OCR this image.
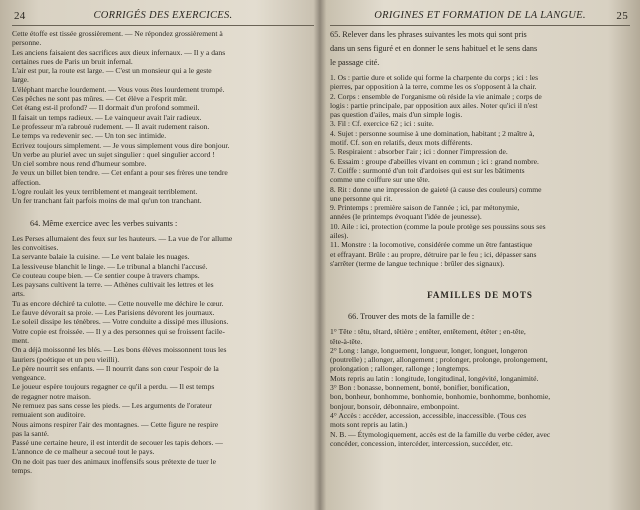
24	CORRIGÉS DES EXERCICES.
Cette étoffe est tissée grossièrement. — Ne répondez grossièrement à
personne.
Les anciens faisaient des sacrifices aux dieux infernaux. — Il y a dans
certaines rues de Paris un bruit infernal.
L'air est pur, la route est large. — C'est un monsieur qui a le geste
large.
L'éléphant marche lourdement. — Vous vous êtes lourdement trompé.
Ces pêches ne sont pas mûres. — Cet élève a l'esprit mûr.
Cet étang est-il profond? — Il dormait d'un profond sommeil.
Il faisait un temps radieux. — Le vainqueur avait l'air radieux.
Le professeur m'a rabroué rudement. — Il avait rudement raison.
Le temps va redevenir sec. — Un ton sec intimide.
Ecrivez toujours simplement. — Je vous simplement vous dire bonjour.
Un verbe au pluriel avec un sujet singulier : quel singulier accord !
Un ciel sombre nous rend d'humeur sombre.
Je veux un billet bien tendre. — Cet enfant a pour ses frères une tendre
affection.
L'ogre roulait les yeux terriblement et mangeait terriblement.
Un fer tranchant fait parfois moins de mal qu'un ton tranchant.
64. Même exercice avec les verbes suivants :
Les Perses allumaient des feux sur les hauteurs. — La vue de l'or allume
les convoitises.
La servante balaie la cuisine. — Le vent balaie les nuages.
La lessiveuse blanchit le linge. — Le tribunal a blanchi l'accusé.
Ce couteau coupe bien. — Ce sentier coupe à travers champs.
Les paysans cultivent la terre. — Athènes cultivait les lettres et les
arts.
Tu as encore déchiré ta culotte. — Cette nouvelle me déchire le cœur.
Le fauve dévorait sa proie. — Les Parisiens dévorent les journaux.
Le soleil dissipe les ténèbres. — Votre conduite a dissipé mes illusions.
Votre copie est froissée. — Il y a des personnes qui se froissent facile-
ment.
On a déjà moissonné les blés. — Les bons élèves moissonnent tous les
lauriers (poétique et un peu vieilli).
Le père nourrit ses enfants. — Il nourrit dans son cœur l'espoir de la
vengeance.
Le joueur espère toujours regagner ce qu'il a perdu. — Il est temps
de regagner notre maison.
Ne remuez pas sans cesse les pieds. — Les arguments de l'orateur
remuaient son auditoire.
Nous aimons respirer l'air des montagnes. — Cette figure ne respire
pas la santé.
Passé une certaine heure, il est interdit de secouer les tapis dehors. —
L'annonce de ce malheur a secoué tout le pays.
On ne doit pas tuer des animaux inoffensifs sous prétexte de tuer le
temps.
ORIGINES ET FORMATION DE LA LANGUE.	25
65. Relever dans les phrases suivantes les mots qui sont pris
dans un sens figuré et en donner le sens habituel et le sens dans
le passage cité.
1. Os : partie dure et solide qui forme la charpente du corps ; ici : les
pierres, par opposition à la terre, comme les os s'opposent à la chair.
2. Corps : ensemble de l'organisme où réside la vie animale ; corps de
logis : partie principale, par opposition aux ailes. Noter qu'ici il n'est
pas question d'ailes, mais d'un simple logis.
3. Fil : Cf. exercice 62 ; ici : suite.
4. Sujet : personne soumise à une domination, habitant ; 2 maître à,
motif. Cf. son en relatifs, deux mots différents.
5. Respiraient : absorber l'air ; ici : donner l'impression de.
6. Essaim : groupe d'abeilles vivant en commun ; ici : grand nombre.
7. Coiffe : surmonté d'un toit d'ardoises qui est sur les bâtiments
comme une coiffure sur une tête.
8. Rit : donne une impression de gaieté (à cause des couleurs) comme
une personne qui rit.
9. Printemps : première saison de l'année ; ici, par métonymie,
années (le printemps évoquant l'idée de jeunesse).
10. Aile : ici, protection (comme la poule protège ses poussins sous ses
ailes).
11. Monstre : la locomotive, considérée comme un être fantastique
et effrayant. Brûle : au propre, détruire par le feu ; ici, dépasser sans
s'arrêter (terme de langue technique : brûler des signaux).
FAMILLES DE MOTS
66. Trouver des mots de la famille de :
1° Tête : têtu, têtard, têtière ; entêter, entêtement, étêter ; en-tête,
tête-à-tête.
2° Long : lange, longuement, longueur, longer, longuet, longeron
(poutrelle) ; allonger, allongement ; prolonger, prolonge, prolongement,
prolongation ; rallonger, rallonge ; longtemps.
Mots repris au latin : longitude, longitudinal, longévité, longanimité.
3° Bon : bonasse, bonnement, bonté, bonifier, bonification,
bon, bonheur, bonhomme, bonhomie, bonhomie, bonhomme, bonhomie,
bonjour, bonsoir, débonnaire, embonpoint.
4° Accès : accéder, accession, accessible, inaccessible. (Tous ces
mots sont repris au latin.)
N. B. — Étymologiquement, accès est de la famille du verbe céder, avec
concéder, concession, intercéder, intercession, succéder, etc.
